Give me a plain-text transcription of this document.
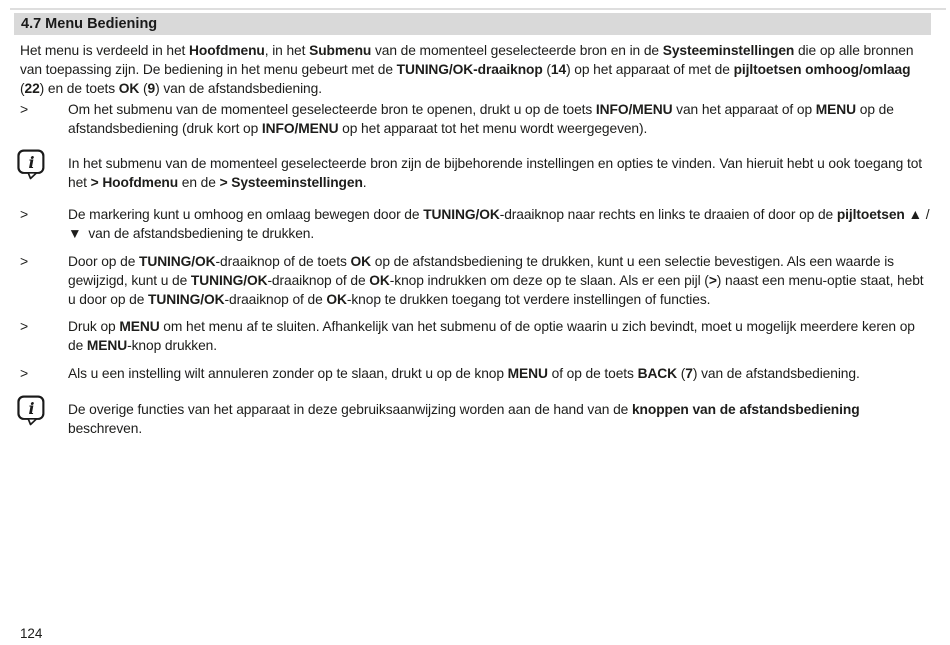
4.7 Menu Bediening

Het menu is verdeeld in het Hoofdmenu, in het Submenu van de momenteel geselecteerde bron en in de Systeeminstellingen die op alle bronnen van toepassing zijn. De bediening in het menu gebeurt met de TUNING/OK-draaiknop (14) op het apparaat of met de pijltoetsen omhoog/omlaag (22) en de toets OK (9) van de afstandsbediening.

>	Om het submenu van de momenteel geselecteerde bron te openen, drukt u op de toets INFO/MENU van het apparaat of op MENU op de afstandsbediening (druk kort op INFO/MENU op het apparaat tot het menu wordt weergegeven).

i In het submenu van de momenteel geselecteerde bron zijn de bijbehorende instellingen en opties te vinden. Van hieruit hebt u ook toegang tot het > Hoofdmenu en de > Systeeminstellingen.

>	De markering kunt u omhoog en omlaag bewegen door de TUNING/OK-draaiknop naar rechts en links te draaien of door op de pijltoetsen ▲ / ▼ van de afstandsbediening te drukken.

>	Door op de TUNING/OK-draaiknop of de toets OK op de afstandsbediening te drukken, kunt u een selectie bevestigen. Als een waarde is gewijzigd, kunt u de TUNING/OK-draaiknop of de OK-knop indrukken om deze op te slaan. Als er een pijl (>) naast een menu-optie staat, hebt u door op de TUNING/OK-draaiknop of de OK-knop te drukken toegang tot verdere instellingen of functies.

>	Druk op MENU om het menu af te sluiten. Afhankelijk van het submenu of de optie waarin u zich bevindt, moet u mogelijk meerdere keren op de MENU-knop drukken.

>	Als u een instelling wilt annuleren zonder op te slaan, drukt u op de knop MENU of op de toets BACK (7) van de afstandsbediening.

i De overige functies van het apparaat in deze gebruiksaanwijzing worden aan de hand van de knoppen van de afstandsbediening beschreven.

124
